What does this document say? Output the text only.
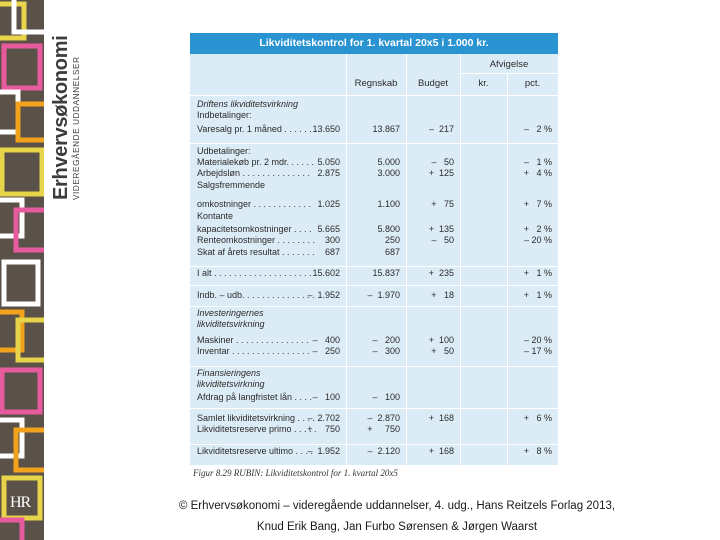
HR
Erhvervsøkonomi VIDEREGÅENDE UDDANNELSER
Likviditetskontrol for 1. kvartal 20x5 i 1.000 kr.
Regnskab	Budget
Afvigelse
kr.	pct.
Driftens likviditetsvirkning
Indbetalinger:
Varesalg pr. 1 måned . . . . . . .
13.650	13.867	–  217	–   2 %
Udbetalinger:
Materialekøb pr. 2 mdr. . . . . . 5.050	5.000	–   50	–   1 %
Arbejdsløn . . . . . . . . . . . . . . 2.875	3.000	+  125	+   4 %
Salgsfremmende
omkostninger . . . . . . . . . . . . 1.025	1.100	+   75	+   7 %
Kontante
kapacitetsomkostninger . . . . 5.665	5.800	+  135	+   2 %
Renteomkostninger . . . . . . . .	300	250	–   50	– 20 %
Skat af årets resultat . . . . . . .	687	687
I alt . . . . . . . . . . . . . . . . . . . . 15.602	15.837	+  235	+   1 %
Indb. – udb. . . . . . . . . . . . . . .
–  1.952	–  1.970	+   18	+   1 %
Investeringernes
likviditetsvirkning
Maskiner . . . . . . . . . . . . . . . –   400	–   200	+  100	– 20 %
Inventar . . . . . . . . . . . . . . . . –   250	–   300	+   50	– 17 %
Finansieringens
likviditetsvirkning
Afdrag på langfristet lån . . . . –   100	–   100
Samlet likviditetsvirkning . . . .
–  2.702	–  2.870	+  168	+   6 %
Likviditetsreserve primo . . . . .
+     750	+     750
Likviditetsreserve ultimo . . . .
–  1.952	–  2.120	+  168	+   8 %
Figur 8.29 RUBIN: Likviditetskontrol for 1. kvartal 20x5
© Erhvervsøkonomi – videregående uddannelser, 4. udg., Hans Reitzels Forlag 2013,
Knud Erik Bang, Jan Furbo Sørensen & Jørgen Waarst
